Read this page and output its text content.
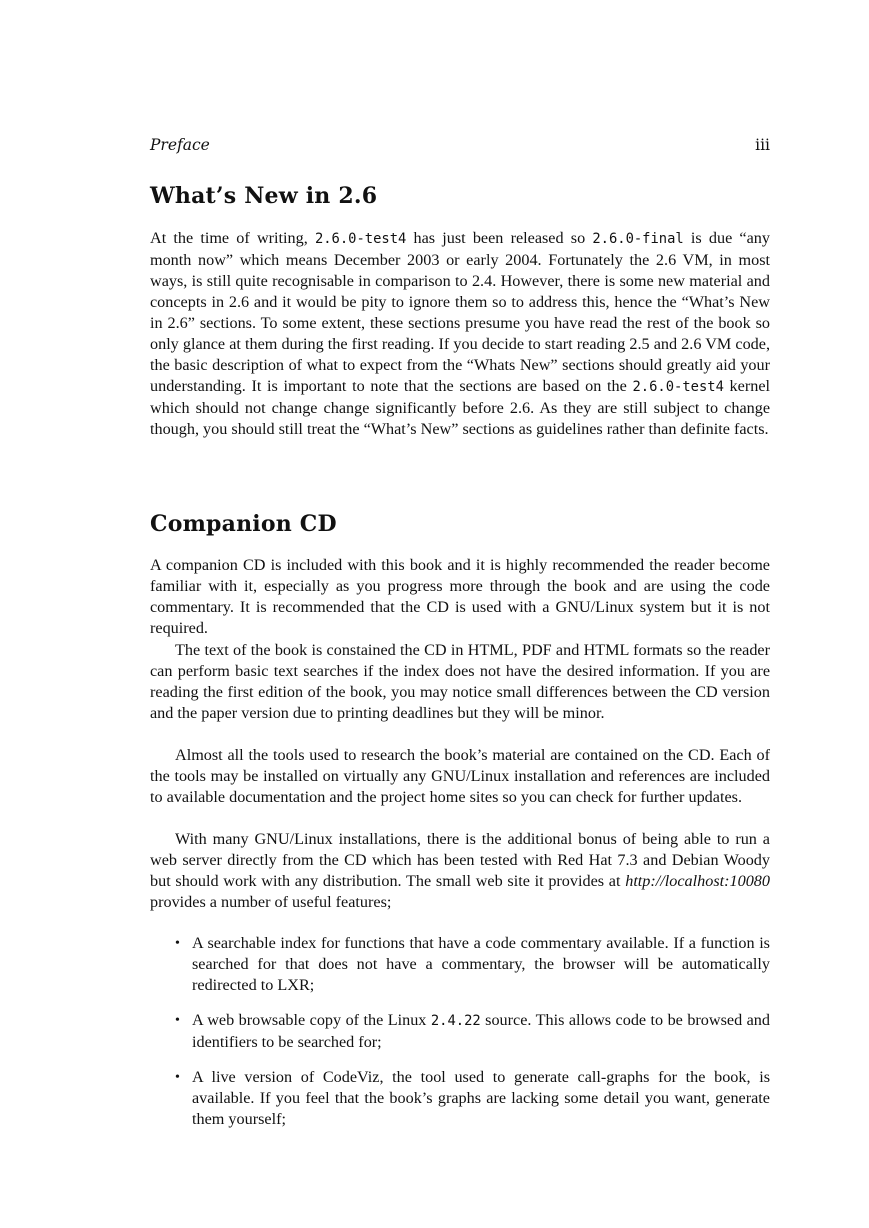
Preface	iii
What’s New in 2.6

At the time of writing, 2.6.0-test4 has just been released so 2.6.0-final is due “any month now” which means December 2003 or early 2004. Fortunately the 2.6 VM, in most ways, is still quite recognisable in comparison to 2.4. However, there is some new material and concepts in 2.6 and it would be pity to ignore them so to address this, hence the “What’s New in 2.6” sections. To some extent, these sections presume you have read the rest of the book so only glance at them during the first reading. If you decide to start reading 2.5 and 2.6 VM code, the basic description of what to expect from the “Whats New” sections should greatly aid your understanding. It is important to note that the sections are based on the 2.6.0-test4 kernel which should not change change significantly before 2.6. As they are still subject to change though, you should still treat the “What’s New” sections as guidelines rather than definite facts.

Companion CD

A companion CD is included with this book and it is highly recommended the reader become familiar with it, especially as you progress more through the book and are using the code commentary. It is recommended that the CD is used with a GNU/Linux system but it is not required.

The text of the book is constained the CD in HTML, PDF and HTML formats so the reader can perform basic text searches if the index does not have the desired information. If you are reading the first edition of the book, you may notice small differences between the CD version and the paper version due to printing deadlines but they will be minor.

Almost all the tools used to research the book’s material are contained on the CD. Each of the tools may be installed on virtually any GNU/Linux installation and references are included to available documentation and the project home sites so you can check for further updates.

With many GNU/Linux installations, there is the additional bonus of being able to run a web server directly from the CD which has been tested with Red Hat 7.3 and Debian Woody but should work with any distribution. The small web site it provides at http://localhost:10080 provides a number of useful features;

• A searchable index for functions that have a code commentary available. If a function is searched for that does not have a commentary, the browser will be automatically redirected to LXR;
• A web browsable copy of the Linux 2.4.22 source. This allows code to be browsed and identifiers to be searched for;
• A live version of CodeViz, the tool used to generate call-graphs for the book, is available. If you feel that the book’s graphs are lacking some detail you want, generate them yourself;
